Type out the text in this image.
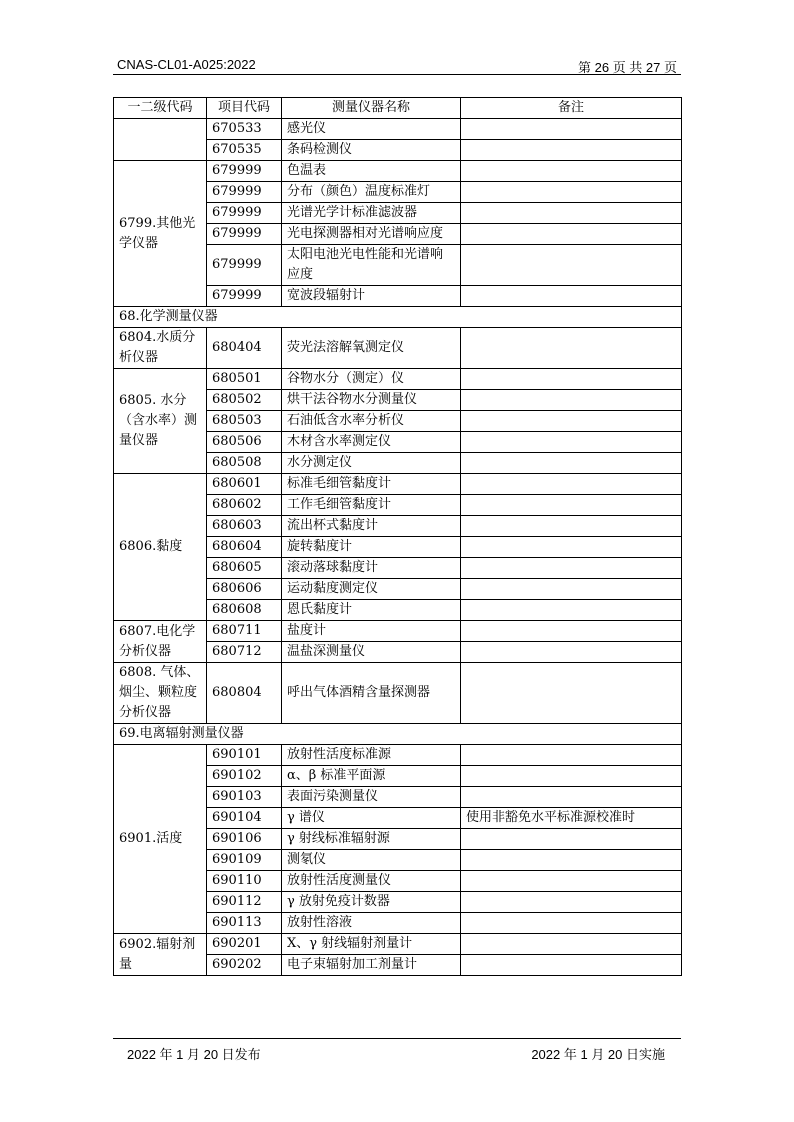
CNAS-CL01-A025:2022	第 26 页 共 27 页
一二级代码	项目代码	测量仪器名称	备注

	670533	感光仪	
	670535	条码检测仪	

6799.其他光学仪器	679999	色温表	
	679999	分布（颜色）温度标准灯	
	679999	光谱光学计标准滤波器	
	679999	光电探测器相对光谱响应度	
	679999	太阳电池光电性能和光谱响应度	
	679999	宽波段辐射计	
68.化学测量仪器			

6804.水质分析仪器	680404	荧光法溶解氧测定仪	

6805. 水分（含水率）测量仪器	680501	谷物水分（测定）仪	
	680502	烘干法谷物水分测量仪	
	680503	石油低含水率分析仪	
	680506	木材含水率测定仪	
	680508	水分测定仪	

6806.黏度	680601	标准毛细管黏度计	
	680602	工作毛细管黏度计	
	680603	流出杯式黏度计	
	680604	旋转黏度计	
	680605	滚动落球黏度计	
	680606	运动黏度测定仪	
	680608	恩氏黏度计	

6807.电化学分析仪器	680711	盐度计	
	680712	温盐深测量仪	

6808. 气体、烟尘、颗粒度分析仪器	680804	呼出气体酒精含量探测器	
69.电离辐射测量仪器			

6901.活度	690101	放射性活度标准源	
	690102	α、β 标准平面源	
	690103	表面污染测量仪	
	690104	γ 谱仪	使用非豁免水平标准源校准时
	690106	γ 射线标准辐射源	
	690109	测氡仪	
	690110	放射性活度测量仪	
	690112	γ 放射免疫计数器	
	690113	放射性溶液	

6902.辐射剂量	690201	X、γ 射线辐射剂量计	
	690202	电子束辐射加工剂量计	
2022 年 1 月 20 日发布	2022 年 1 月 20 日实施
